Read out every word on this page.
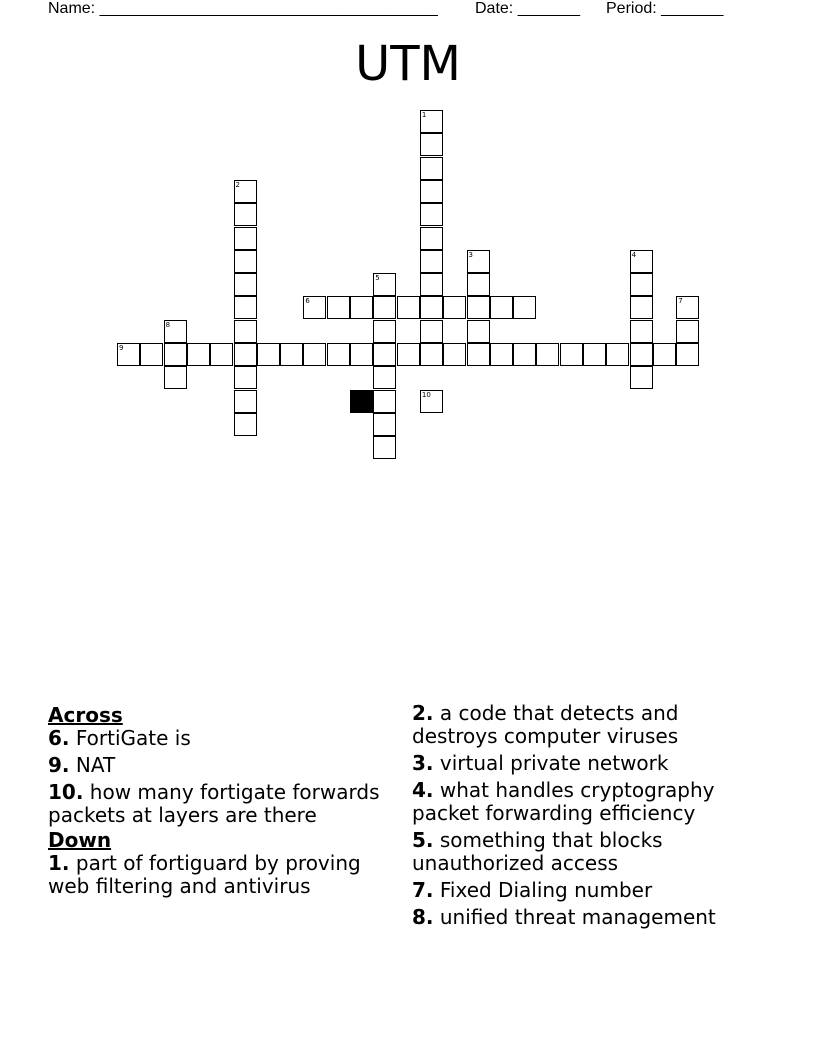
Name: ______________________________________ Date: _______ Period: _______
UTM
1
2
3	4
5
7
8
6
9
10
Across
6. FortiGate is
9. NAT
10. how many fortigate forwards packets at layers are there
Down
1. part of fortiguard by proving web filtering and antivirus
2. a code that detects and destroys computer viruses
3. virtual private network
4. what handles cryptography packet forwarding efficiency
5. something that blocks unauthorized access
7. Fixed Dialing number
8. unified threat management
